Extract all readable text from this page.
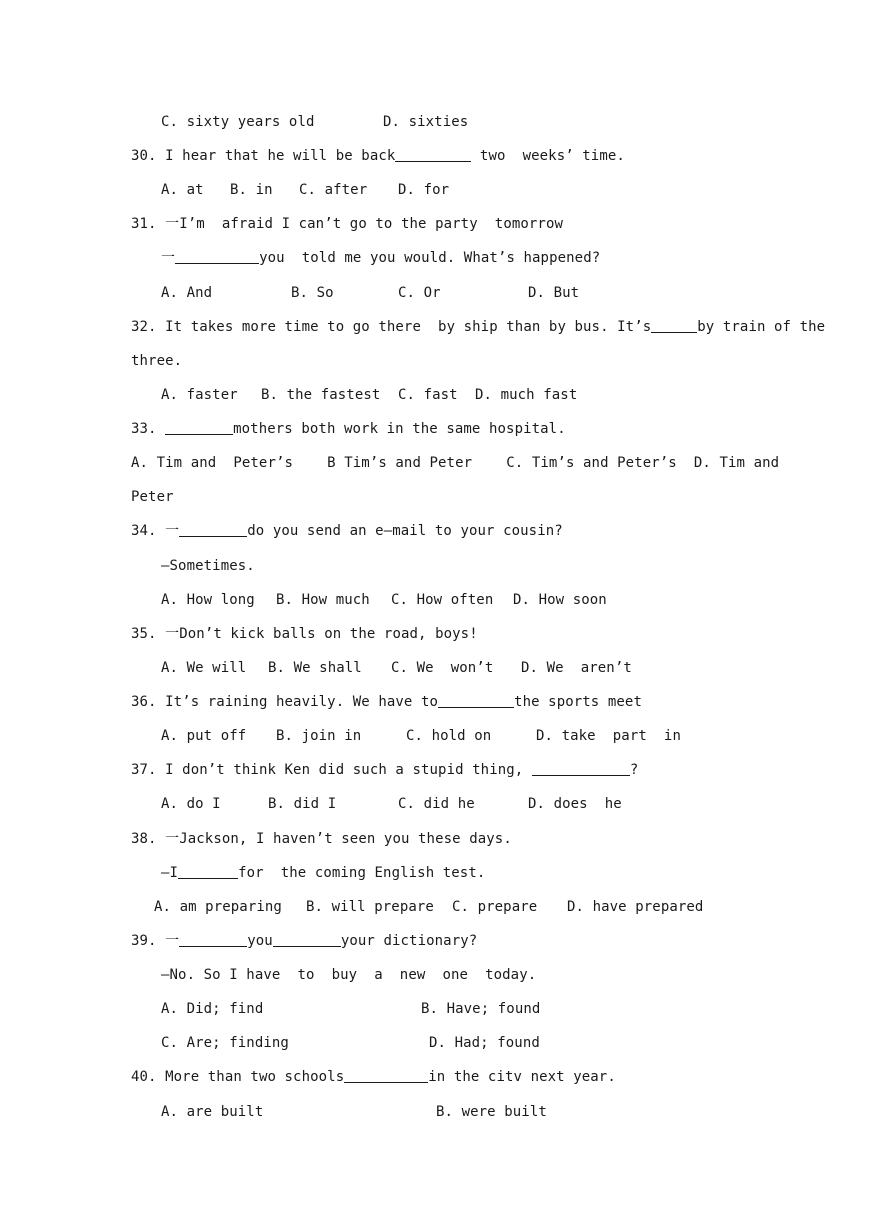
C. sixty years old	D. sixties
30. I hear that he will be back	two  weeks’ time.
A. at B. in C. after D. for
31. 一I’m  afraid I can’t go to the party  tomorrow
一	you  told me you would. What’s happened?
A. And	B. So	C. Or	D. But
32. It takes more time to go there  by ship than by bus. It’s	by train of the
three.
A. faster B. the fastest C. fast D. much fast
33.	mothers both work in the same hospital.
A. Tim and  Peter’s    B Tim’s and Peter    C. Tim’s and Peter’s  D. Tim and
Peter
34. 一	do you send an e—mail to your cousin?
—Sometimes.
A. How long B. How much C. How often D. How soon
35. 一Don’t kick balls on the road, boys!
A. We will B. We shall C. We  won’t D. We  aren’t
36. It’s raining heavily. We have to	the sports meet
A. put off B. join in	C. hold on	D. take  part  in
37. I don’t think Ken did such a stupid thing,	?
A. do I	B. did I	C. did he	D. does  he
38. 一Jackson, I haven’t seen you these days.
—I	for  the coming English test.
A. am preparing B. will prepare C. prepare D. have prepared
39. 一	you	your dictionary?
—No. So I have  to  buy  a  new  one  today.
A. Did; find	B. Have; found
C. Are; finding	D. Had; found
40. More than two schools	in the citv next year.
A. are built	B. were built
